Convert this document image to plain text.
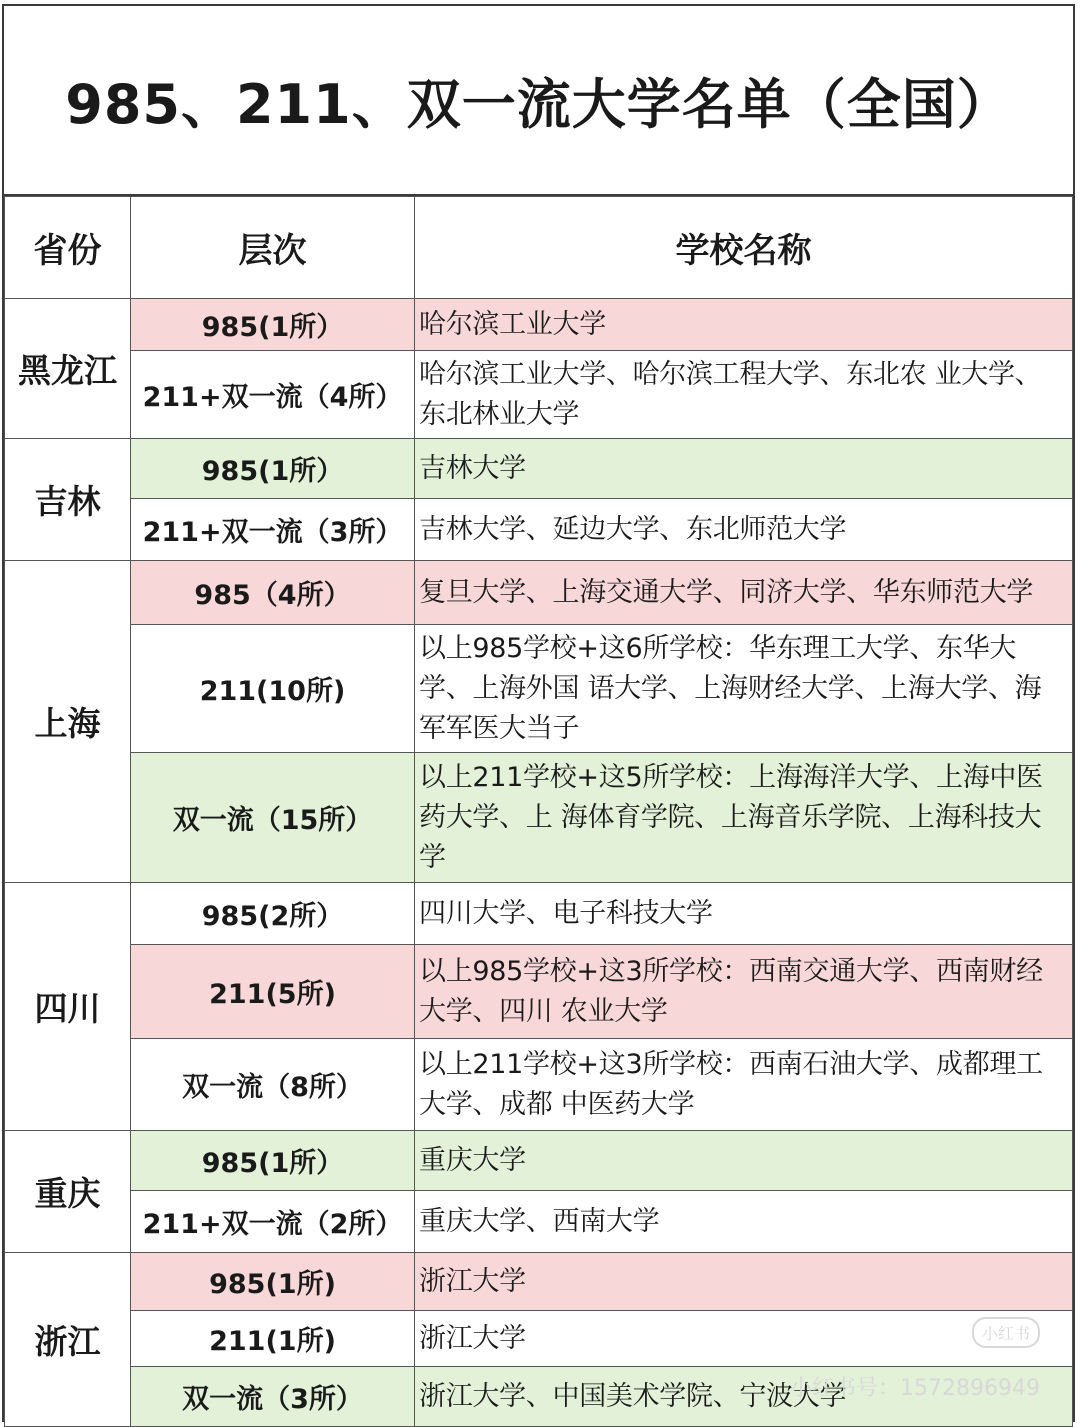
985、211、双一流大学名单（全国）
省份	层次	学校名称
黑龙江	985(1所）	哈尔滨工业大学
	211+双一流（4所）	哈尔滨工业大学、哈尔滨工程大学、东北农 业大学、东北林业大学
吉林	985(1所）	吉林大学
	211+双一流（3所）	吉林大学、延边大学、东北师范大学
上海	985（4所）	复旦大学、上海交通大学、同济大学、华东师范大学
	211(10所)	以上985学校+这6所学校：华东理工大学、东华大学、上海外国 语大学、上海财经大学、上海大学、海军军医大当子
	双一流（15所）	以上211学校+这5所学校：上海海洋大学、上海中医药大学、上 海体育学院、上海音乐学院、上海科技大学
四川	985(2所）	四川大学、电子科技大学
	211(5所)	以上985学校+这3所学校：西南交通大学、西南财经大学、四川 农业大学
	双一流（8所）	以上211学校+这3所学校：西南石油大学、成都理工大学、成都 中医药大学
重庆	985(1所）	重庆大学
	211+双一流（2所）	重庆大学、西南大学
浙江	985(1所)	浙江大学
	211(1所)	浙江大学
	双一流（3所）	浙江大学、中国美术学院、宁波大学
小红书
小红书号：1572896949
